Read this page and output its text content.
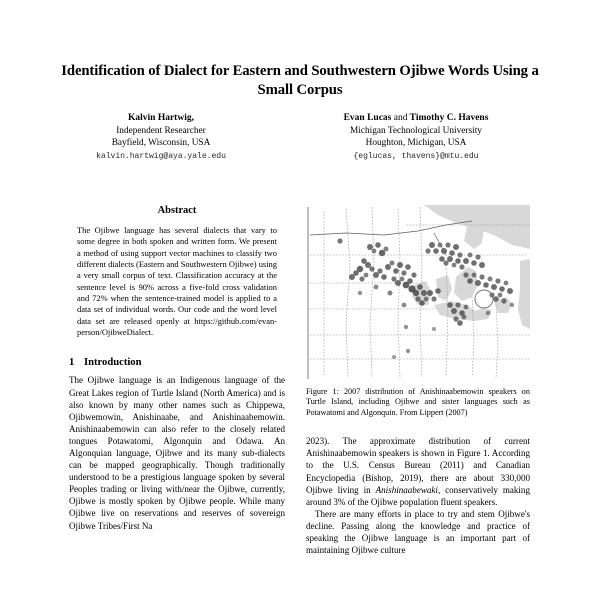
Identification of Dialect for Eastern and Southwestern Ojibwe Words Using a Small Corpus
Kalvin Hartwig,
Independent Researcher
Bayfield, Wisconsin, USA
kalvin.hartwig@aya.yale.edu
Evan Lucas and Timothy C. Havens
Michigan Technological University
Houghton, Michigan, USA
{eglucas, thavens}@mtu.edu
Abstract
The Ojibwe language has several dialects that vary to some degree in both spoken and written form. We present a method of using support vector machines to classify two different dialects (Eastern and Southwestern Ojibwe) using a very small corpus of text. Classification accuracy at the sentence level is 90% across a five-fold cross validation and 72% when the sentence-trained model is applied to a data set of individual words. Our code and the word level data set are released openly at https://github.com/evan-person/OjibweDialect.
1 Introduction

The Ojibwe language is an Indigenous language of the Great Lakes region of Turtle Island (North America) and is also known by many other names such as Chippewa, Ojibwemowin, Anishinaabe, and Anishinaabemowin. Anishinaabemowin can also refer to the closely related tongues Potawatomi, Algonquin and Odawa. An Algonquian language, Ojibwe and its many sub-dialects can be mapped geographically. Though traditionally understood to be a prestigious language spoken by several Peoples trading or living with/near the Ojibwe, currently, Ojibwe is mostly spoken by Ojibwe people. While many Ojibwe live on reservations and reserves of sovereign Ojibwe Tribes/First Na

Figure 1: 2007 distribution of Anishinaabemowin speakers on Turtle Island, including Ojibwe and sister languages such as Potawatomi and Algonquin. From Lippert (2007)

2023). The approximate distribution of current Anishinaabemowin speakers is shown in Figure 1. According to the U.S. Census Bureau (2011) and Canadian Encyclopedia (Bishop, 2019), there are about 330,000 Ojibwe living in Anishinaabewaki, conservatively making around 3% of the Ojibwe population fluent speakers.

There are many efforts in place to try and stem Ojibwe's decline. Passing along the knowledge and practice of speaking the Ojibwe language is an important part of maintaining Ojibwe culture
